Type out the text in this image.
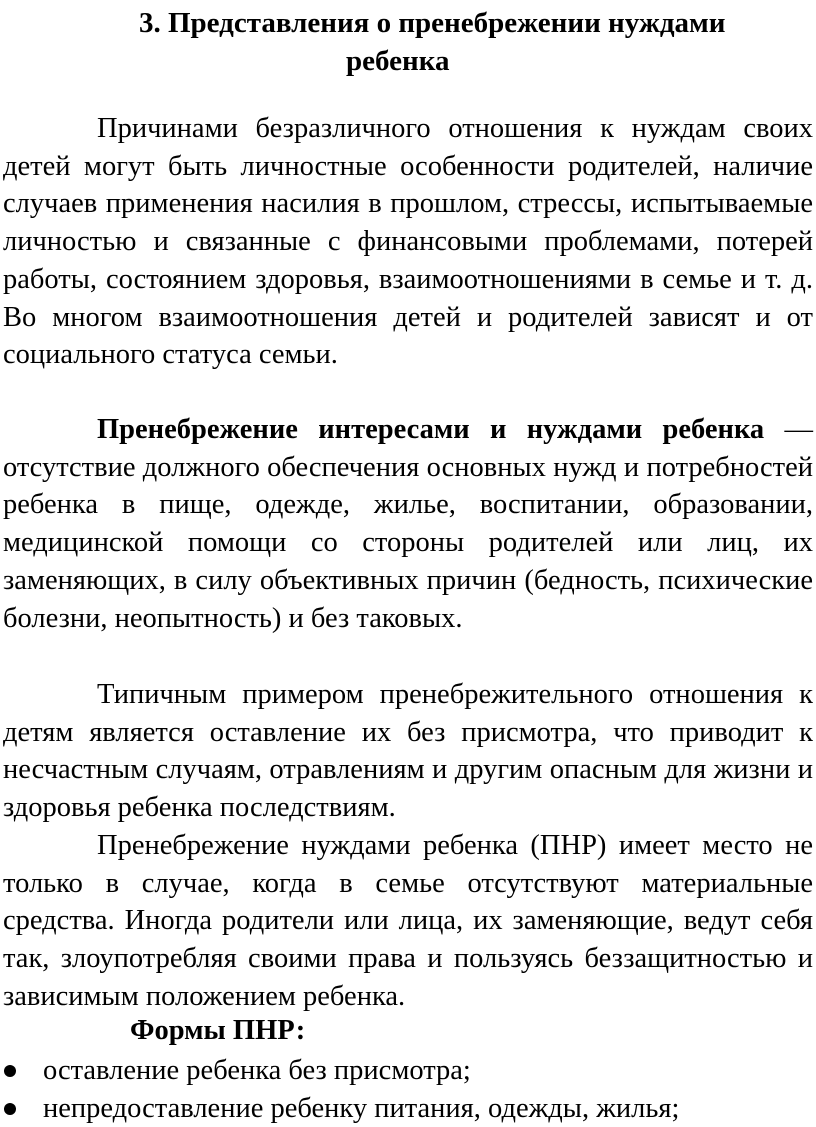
3. Представления о пренебрежении нуждами
ребенка

Причинами безразличного отношения к нуждам своих детей могут быть личностные особенности родителей, наличие случаев применения насилия в прошлом, стрессы, испытываемые личностью и связанные с финансовыми проблемами, потерей работы, состоянием здоровья, взаимоотношениями в семье и т. д. Во многом взаимоотношения детей и родителей зависят и от социального статуса семьи.

Пренебрежение интересами и нуждами ребенка — отсутствие должного обеспечения основных нужд и потребностей ребенка в пище, одежде, жилье, воспитании, образовании, медицинской помощи со стороны родителей или лиц, их заменяющих, в силу объективных причин (бедность, психические болезни, неопытность) и без таковых.

Типичным примером пренебрежительного отношения к детям является оставление их без присмотра, что приводит к несчастным случаям, отравлениям и другим опасным для жизни и здоровья ребенка последствиям.

Пренебрежение нуждами ребенка (ПНР) имеет место не только в случае, когда в семье отсутствуют материальные средства. Иногда родители или лица, их заменяющие, ведут себя так, злоупотребляя своими права и пользуясь беззащитностью и зависимым положением ребенка.

Формы ПНР:

оставление ребенка без присмотра;
непредоставление ребенку питания, одежды, жилья;
